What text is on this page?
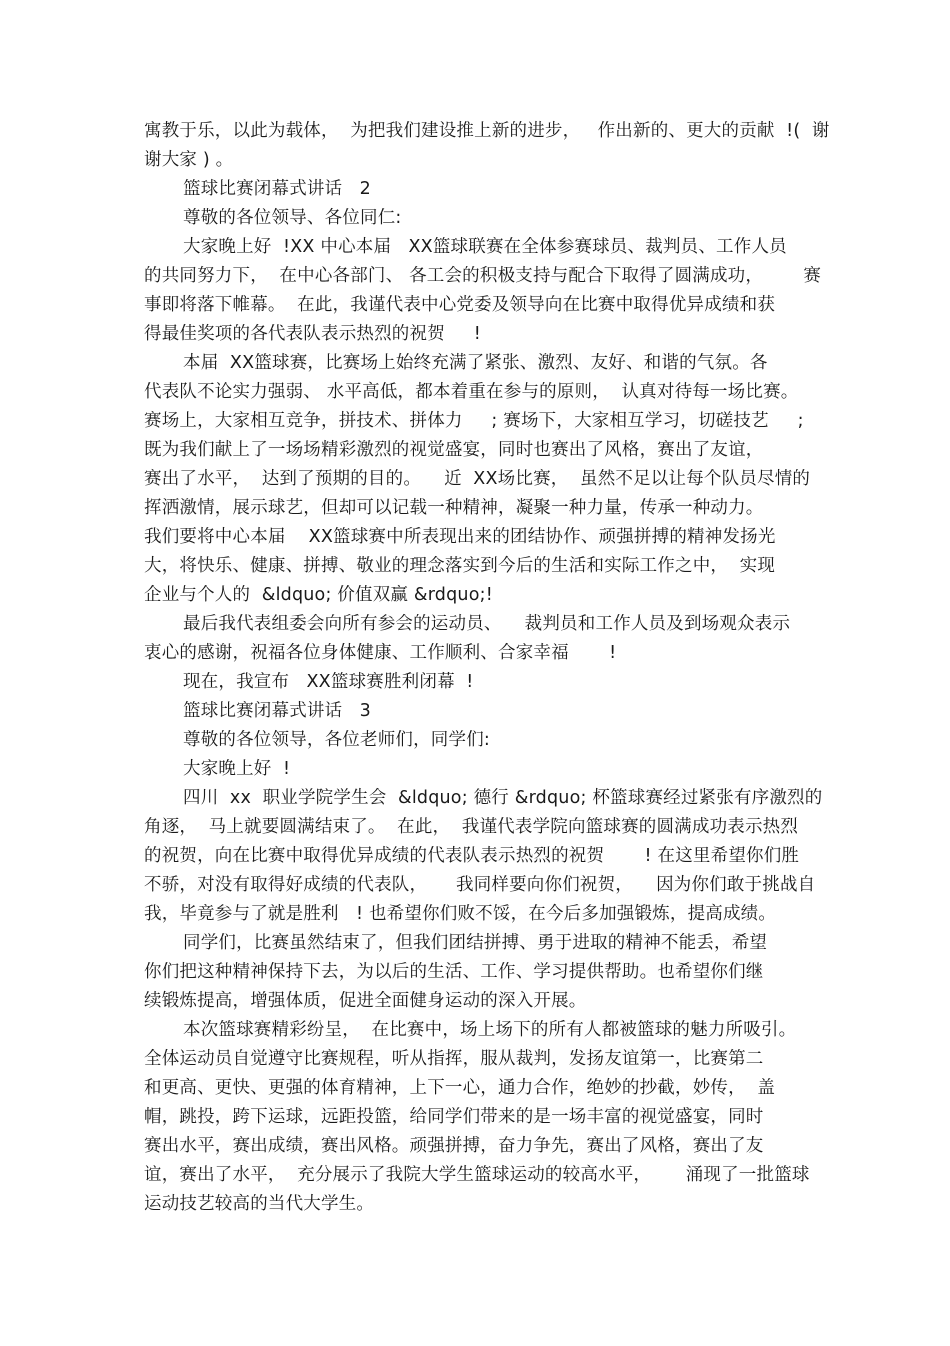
寓教于乐，以此为载体，  为把我们建设推上新的进步，   作出新的、更大的贡献  !(  谢
谢大家 ) 。
篮球比赛闭幕式讲话   2
尊敬的各位领导、各位同仁:
大家晚上好  !XX 中心本届   XX篮球联赛在全体参赛球员、裁判员、工作人员
的共同努力下，  在中心各部门、 各工会的积极支持与配合下取得了圆满成功，       赛
事即将落下帷幕。  在此，我谨代表中心党委及领导向在比赛中取得优异成绩和获
得最佳奖项的各代表队表示热烈的祝贺     !
本届  XX篮球赛，比赛场上始终充满了紧张、激烈、友好、和谐的气氛。各
代表队不论实力强弱、 水平高低，都本着重在参与的原则，  认真对待每一场比赛。
赛场上，大家相互竞争，拼技术、拼体力     ; 赛场下，大家相互学习，切磋技艺     ;
既为我们献上了一场场精彩激烈的视觉盛宴，同时也赛出了风格，赛出了友谊，
赛出了水平，  达到了预期的目的。    近  XX场比赛，  虽然不足以让每个队员尽情的
挥洒激情，展示球艺，但却可以记载一种精神，凝聚一种力量，传承一种动力。
我们要将中心本届    XX篮球赛中所表现出来的团结协作、顽强拼搏的精神发扬光
大，将快乐、健康、拼搏、敬业的理念落实到今后的生活和实际工作之中，  实现
企业与个人的  &ldquo; 价值双赢 &rdquo;!
最后我代表组委会向所有参会的运动员、    裁判员和工作人员及到场观众表示
衷心的感谢，祝福各位身体健康、工作顺利、合家幸福       !
现在，我宣布   XX篮球赛胜利闭幕  !
篮球比赛闭幕式讲话   3
尊敬的各位领导，各位老师们，同学们:
大家晚上好  !
四川  xx  职业学院学生会  &ldquo; 德行 &rdquo; 杯篮球赛经过紧张有序激烈的
角逐，  马上就要圆满结束了。  在此，  我谨代表学院向篮球赛的圆满成功表示热烈
的祝贺，向在比赛中取得优异成绩的代表队表示热烈的祝贺       ! 在这里希望你们胜
不骄，对没有取得好成绩的代表队，     我同样要向你们祝贺，    因为你们敢于挑战自
我，毕竟参与了就是胜利   ! 也希望你们败不馁，在今后多加强锻炼，提高成绩。
同学们，比赛虽然结束了，但我们团结拼搏、勇于进取的精神不能丢，希望
你们把这种精神保持下去，为以后的生活、工作、学习提供帮助。也希望你们继
续锻炼提高，增强体质，促进全面健身运动的深入开展。
本次篮球赛精彩纷呈，  在比赛中，场上场下的所有人都被篮球的魅力所吸引。
全体运动员自觉遵守比赛规程，听从指挥，服从裁判，发扬友谊第一，比赛第二
和更高、更快、更强的体育精神，上下一心，通力合作，绝妙的抄截，妙传，  盖
帽，跳投，跨下运球，远距投篮，给同学们带来的是一场丰富的视觉盛宴，同时
赛出水平，赛出成绩，赛出风格。顽强拼搏，奋力争先，赛出了风格，赛出了友
谊，赛出了水平，  充分展示了我院大学生篮球运动的较高水平，      涌现了一批篮球
运动技艺较高的当代大学生。
